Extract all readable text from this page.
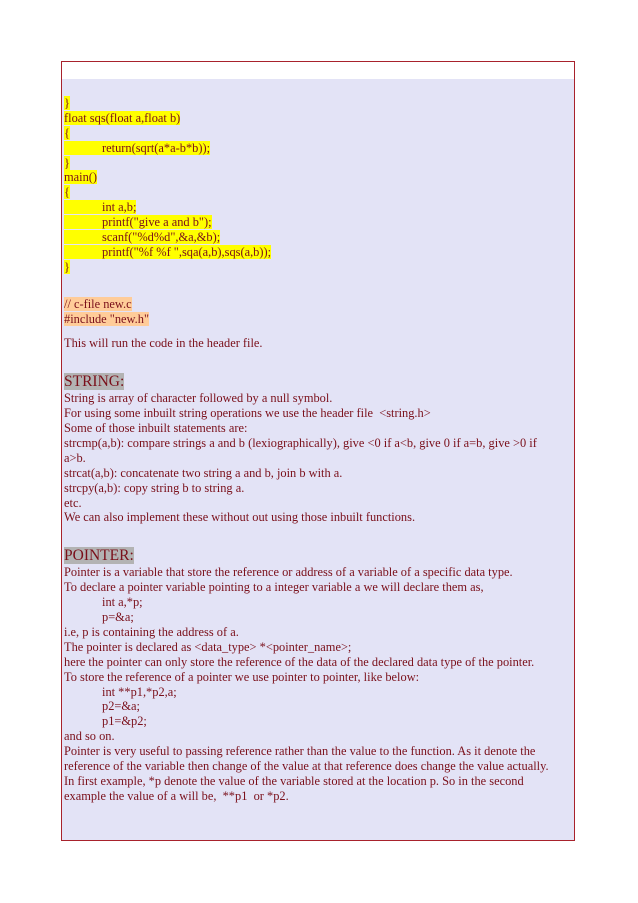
}
float sqs(float a,float b)
{
return(sqrt(a*a-b*b));
}
main()
{
int a,b;
printf("give a and b");
scanf("%d%d",&a,&b);
printf("%f %f ",sqa(a,b),sqs(a,b));
}
// c-file new.c
#include "new.h"
This will run the code in the header file.
STRING:
String is array of character followed by a null symbol.
For using some inbuilt string operations we use the header file  <string.h>
Some of those inbuilt statements are:
strcmp(a,b): compare strings a and b (lexiographically), give <0 if a<b, give 0 if a=b, give >0 if
a>b.
strcat(a,b): concatenate two string a and b, join b with a.
strcpy(a,b): copy string b to string a.
etc.
We can also implement these without out using those inbuilt functions.
POINTER:
Pointer is a variable that store the reference or address of a variable of a specific data type.
To declare a pointer variable pointing to a integer variable a we will declare them as,
int a,*p;
p=&a;
i.e, p is containing the address of a.
The pointer is declared as <data_type> *<pointer_name>;
here the pointer can only store the reference of the data of the declared data type of the pointer.
To store the reference of a pointer we use pointer to pointer, like below:
int **p1,*p2,a;
p2=&a;
p1=&p2;
and so on.
Pointer is very useful to passing reference rather than the value to the function. As it denote the
reference of the variable then change of the value at that reference does change the value actually.
In first example, *p denote the value of the variable stored at the location p. So in the second
example the value of a will be,  **p1  or *p2.
